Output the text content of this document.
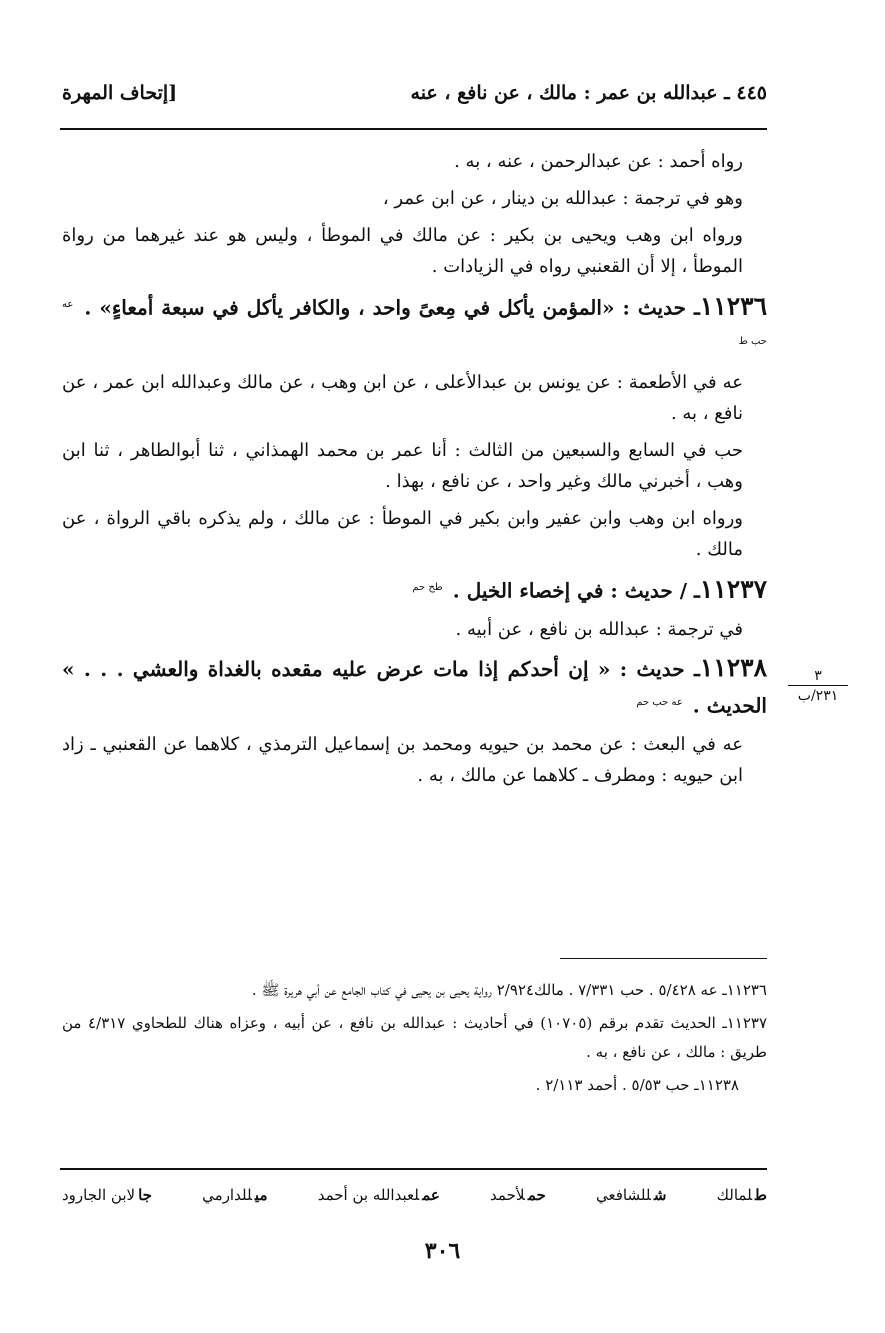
٤٤٥ ـ عبدالله بن عمر : مالك ، عن نافع ، عنه
[إتحاف المهرة

رواه أحمد : عن عبدالرحمن ، عنه ، به .

وهو في ترجمة : عبدالله بن دينار ، عن ابن عمر ،

ورواه ابن وهب ويحيى بن بكير : عن مالك في الموطأ ، وليس هو عند غيرهما من رواة الموطأ ، إلا أن القعنبي رواه في الزيادات .

١١٢٣٦ـ حديث : «المؤمن يأكل في مِعىً واحد ، والكافر يأكل في سبعة أمعاءٍ» . $^{عه حب ط}$

عه في الأطعمة : عن يونس بن عبدالأعلى ، عن ابن وهب ، عن مالك وعبدالله ابن عمر ، عن نافع ، به .

حب في السابع والسبعين من الثالث : أنا عمر بن محمد الهمذاني ، ثنا أبوالطاهر ، ثنا ابن وهب ، أخبرني مالك وغير واحد ، عن نافع ، بهذا .

ورواه ابن وهب وابن عفير وابن بكير في الموطأ : عن مالك ، ولم يذكره باقي الرواة ، عن مالك .

١١٢٣٧ـ / حديث : في إخصاء الخيل . $^{طح حم}$

في ترجمة : عبدالله بن نافع ، عن أبيه .

١١٢٣٨ـ حديث : « إن أحدكم إذا مات عرض عليه مقعده بالغداة والعشي . . . » الحديث . $^{عه حب حم}$

عه في البعث : عن محمد بن حيويه ومحمد بن إسماعيل الترمذي ، كلاهما عن القعنبي ـ زاد ابن حيويه : ومطرف ـ كلاهما عن مالك ، به .

٣
٢٣١/ب

١١٢٣٦ـ عه ٥/٤٢٨ . حب ٧/٣٣١ . مالك٢/٩٢٤ رواية يحيى بن يحيى في كتاب الجامع عن أبي هريرة ﷺ .

١١٢٣٧ـ الحديث تقدم برقم (١٠٧٠٥) في أحاديث : عبدالله بن نافع ، عن أبيه ، وعزاه هناك للطحاوي ٤/٣١٧ من طريق : مالك ، عن نافع ، به .

١١٢٣٨ـ حب ٥/٥٣ . أحمد ٢/١١٣ .

طلمالك
شللشافعي
حملأحمد
عملعبدالله بن أحمد
ميللدارمي
جالابن الجارود
٣٠٦
